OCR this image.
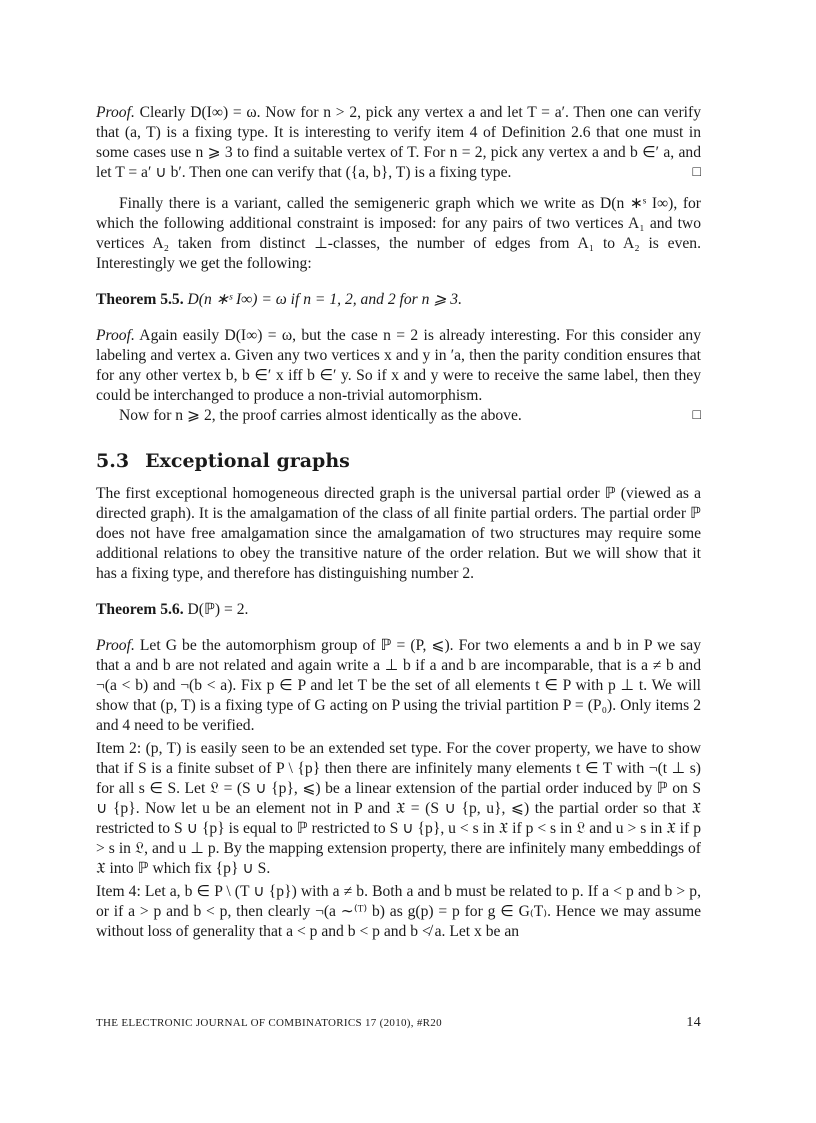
Proof. Clearly D(I∞) = ω. Now for n > 2, pick any vertex a and let T = a′. Then one can verify that (a, T) is a fixing type. It is interesting to verify item 4 of Definition 2.6 that one must in some cases use n ⩾ 3 to find a suitable vertex of T. For n = 2, pick any vertex a and b ∈′ a, and let T = a′ ∪ b′. Then one can verify that ({a, b}, T) is a fixing type.	□

Finally there is a variant, called the semigeneric graph which we write as D(n ∗ˢ I∞), for which the following additional constraint is imposed: for any pairs of two vertices A₁ and two vertices A₂ taken from distinct ⊥-classes, the number of edges from A₁ to A₂ is even. Interestingly we get the following:

Theorem 5.5. D(n ∗ˢ I∞) = ω if n = 1, 2, and 2 for n ⩾ 3.

Proof. Again easily D(I∞) = ω, but the case n = 2 is already interesting. For this consider any labeling and vertex a. Given any two vertices x and y in ′a, then the parity condition ensures that for any other vertex b, b ∈′ x iff b ∈′ y. So if x and y were to receive the same label, then they could be interchanged to produce a non-trivial automorphism.

Now for n ⩾ 2, the proof carries almost identically as the above.	□

5.3 Exceptional graphs

The first exceptional homogeneous directed graph is the universal partial order ℙ (viewed as a directed graph). It is the amalgamation of the class of all finite partial orders. The partial order ℙ does not have free amalgamation since the amalgamation of two structures may require some additional relations to obey the transitive nature of the order relation. But we will show that it has a fixing type, and therefore has distinguishing number 2.

Theorem 5.6. D(ℙ) = 2.

Proof. Let G be the automorphism group of ℙ = (P, ⩽). For two elements a and b in P we say that a and b are not related and again write a ⊥ b if a and b are incomparable, that is a ≠ b and ¬(a < b) and ¬(b < a). Fix p ∈ P and let T be the set of all elements t ∈ P with p ⊥ t. We will show that (p, T) is a fixing type of G acting on P using the trivial partition P = (P₀). Only items 2 and 4 need to be verified.

Item 2: (p, T) is easily seen to be an extended set type. For the cover property, we have to show that if S is a finite subset of P \ {p} then there are infinitely many elements t ∈ T with ¬(t ⊥ s) for all s ∈ S. Let 𝔏 = (S ∪ {p}, ⩽) be a linear extension of the partial order induced by ℙ on S ∪ {p}. Now let u be an element not in P and 𝔛 = (S ∪ {p, u}, ⩽) the partial order so that 𝔛 restricted to S ∪ {p} is equal to ℙ restricted to S ∪ {p}, u < s in 𝔛 if p < s in 𝔏 and u > s in 𝔛 if p > s in 𝔏, and u ⊥ p. By the mapping extension property, there are infinitely many embeddings of 𝔛 into ℙ which fix {p} ∪ S.

Item 4: Let a, b ∈ P \ (T ∪ {p}) with a ≠ b. Both a and b must be related to p. If a < p and b > p, or if a > p and b < p, then clearly ¬(a ∼⁽ᵀ⁾ b) as g(p) = p for g ∈ G₍T₎. Hence we may assume without loss of generality that a < p and b < p and b ≮ a. Let x be an

THE ELECTRONIC JOURNAL OF COMBINATORICS 17 (2010), #R20	14
